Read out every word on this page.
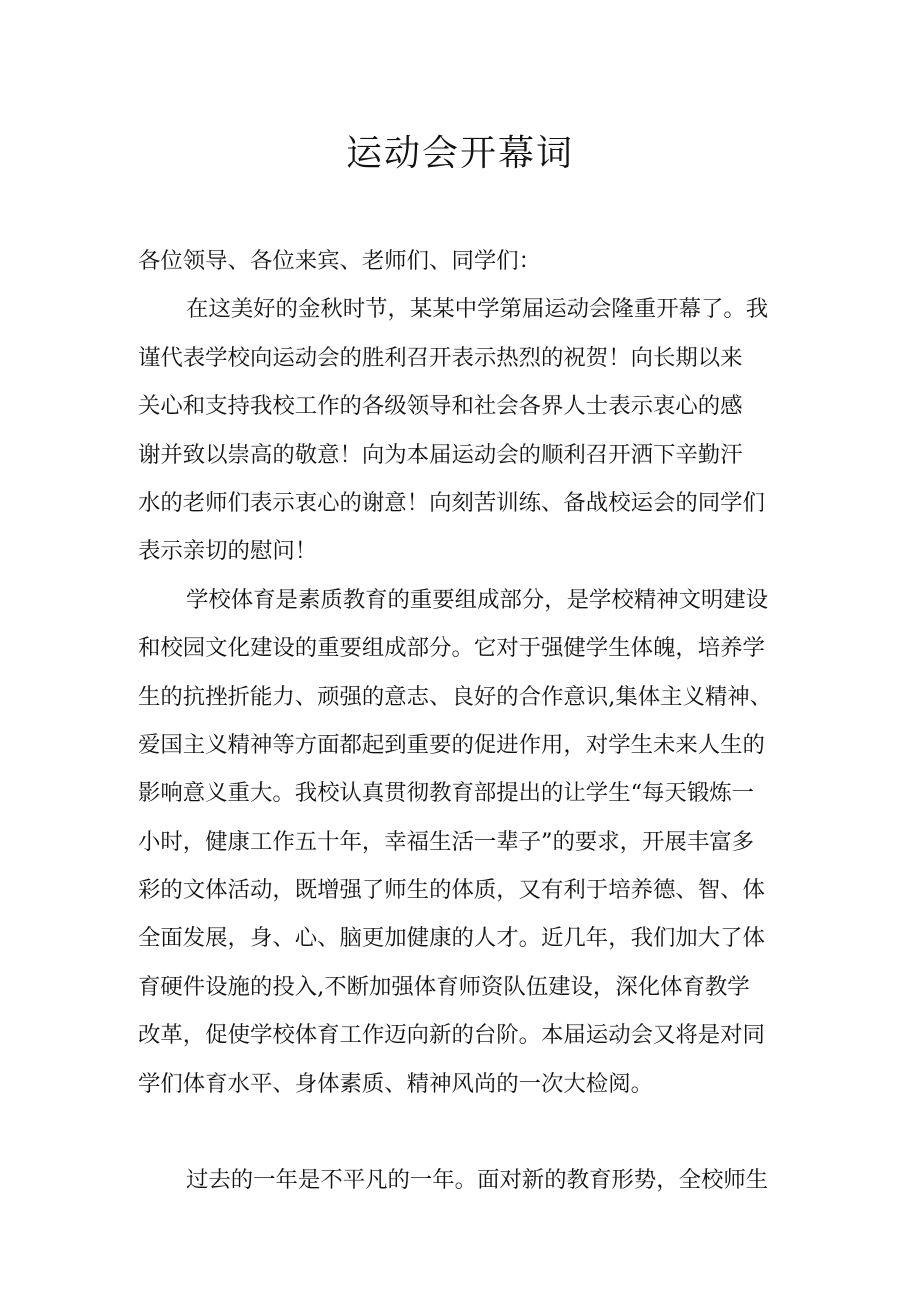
运动会开幕词

各位领导、各位来宾、老师们、同学们：

在这美好的金秋时节，某某中学第届运动会隆重开幕了。我

谨代表学校向运动会的胜利召开表示热烈的祝贺！向长期以来

关心和支持我校工作的各级领导和社会各界人士表示衷心的感

谢并致以崇高的敬意！向为本届运动会的顺利召开洒下辛勤汗

水的老师们表示衷心的谢意！向刻苦训练、备战校运会的同学们

表示亲切的慰问！

学校体育是素质教育的重要组成部分，是学校精神文明建设

和校园文化建设的重要组成部分。它对于强健学生体魄，培养学

生的抗挫折能力、顽强的意志、良好的合作意识,集体主义精神、

爱国主义精神等方面都起到重要的促进作用，对学生未来人生的

影响意义重大。我校认真贯彻教育部提出的让学生“每天锻炼一

小时，健康工作五十年，幸福生活一辈子”的要求，开展丰富多

彩的文体活动，既增强了师生的体质，又有利于培养德、智、体

全面发展，身、心、脑更加健康的人才。近几年，我们加大了体

育硬件设施的投入,不断加强体育师资队伍建设，深化体育教学

改革，促使学校体育工作迈向新的台阶。本届运动会又将是对同

学们体育水平、身体素质、精神风尚的一次大检阅。

过去的一年是不平凡的一年。面对新的教育形势，全校师生
